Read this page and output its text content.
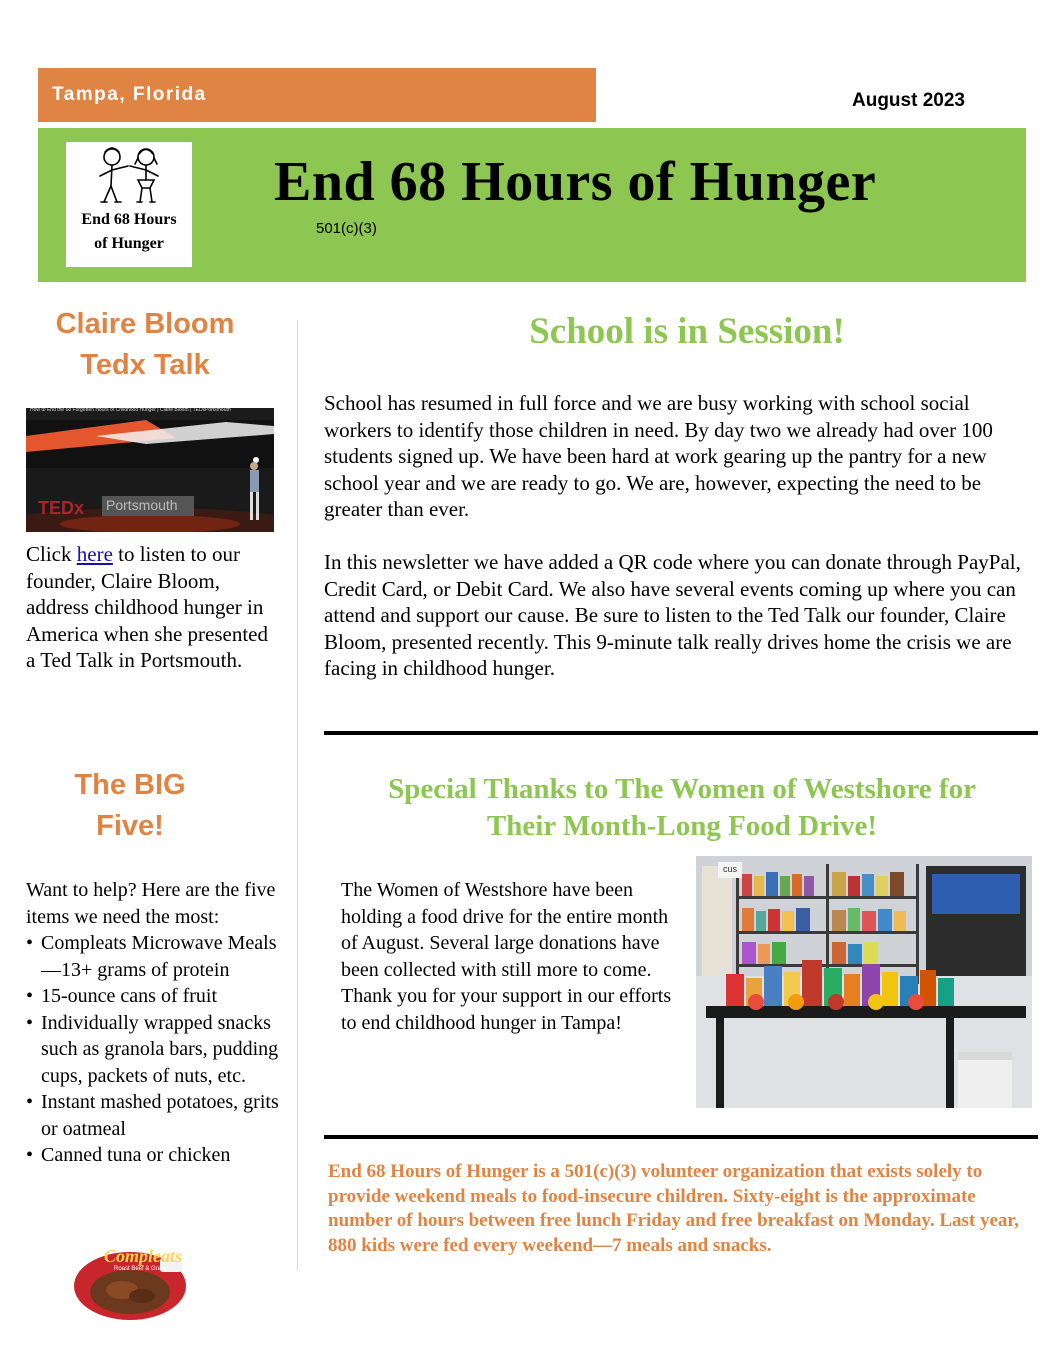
Tampa, Florida	August 2023
End 68 Hours
of Hunger
End 68 Hours of Hunger
501(c)(3)
Claire Bloom
Tedx Talk
How to End the 68 Forgotten Hours of Childhood Hunger | Claire Bloom | TEDxPortsmouth
TEDx Portsmouth
Click here to listen to our founder, Claire Bloom, address childhood hunger in America when she presented a Ted Talk in Portsmouth.
The BIG
Five!
Want to help? Here are the five items we need the most:
• Compleats Microwave Meals—13+ grams of protein
• 15-ounce cans of fruit
• Individually wrapped snacks such as granola bars, pudding cups, packets of nuts, etc.
• Instant mashed potatoes, grits or oatmeal
• Canned tuna or chicken
Hormel
Compleats
Roast Beef & Gravy
School is in Session!
School has resumed in full force and we are busy working with school social workers to identify those children in need. By day two we already had over 100 students signed up. We have been hard at work gearing up the pantry for a new school year and we are ready to go. We are, however, expecting the need to be greater than ever.
In this newsletter we have added a QR code where you can donate through PayPal, Credit Card, or Debit Card. We also have several events coming up where you can attend and support our cause. Be sure to listen to the Ted Talk our founder, Claire Bloom, presented recently. This 9-minute talk really drives home the crisis we are facing in childhood hunger.
Special Thanks to The Women of Westshore for
Their Month-Long Food Drive!
The Women of Westshore have been holding a food drive for the entire month of August. Several large donations have been collected with still more to come. Thank you for your support in our efforts to end childhood hunger in Tampa!
cus
End 68 Hours of Hunger is a 501(c)(3) volunteer organization that exists solely to provide weekend meals to food-insecure children. Sixty-eight is the approximate number of hours between free lunch Friday and free breakfast on Monday. Last year, 880 kids were fed every weekend—7 meals and snacks.
